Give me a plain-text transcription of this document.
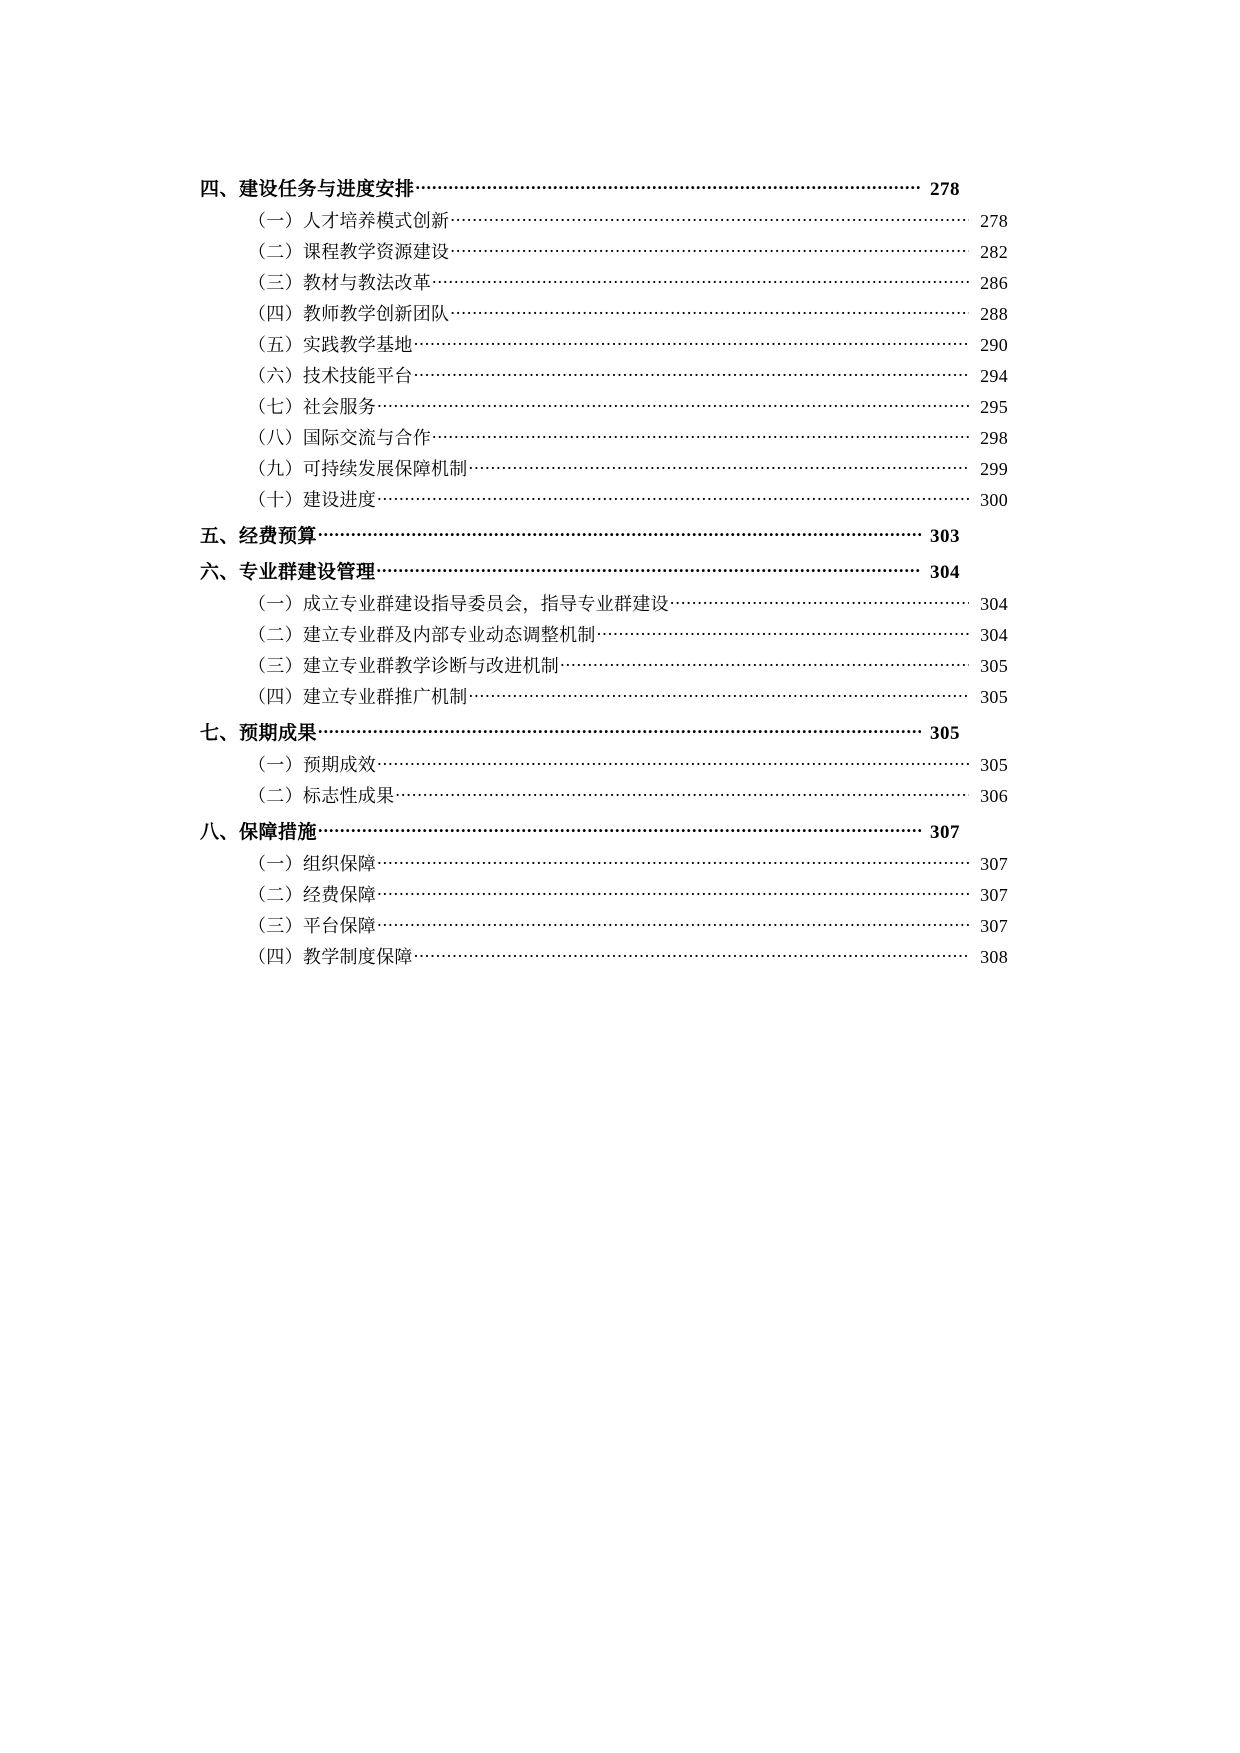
四、建设任务与进度安排 .....	278
（一）人才培养模式创新 .....	278
（二）课程教学资源建设 .....	282
（三）教材与教法改革 .....	286
（四）教师教学创新团队 .....	288
（五）实践教学基地 .....	290
（六）技术技能平台 .....	294
（七）社会服务 .....	295
（八）国际交流与合作 .....	298
（九）可持续发展保障机制 .....	299
（十）建设进度 .....	300
五、经费预算 .....	303
六、专业群建设管理 .....	304
（一）成立专业群建设指导委员会，指导专业群建设 .....	304
（二）建立专业群及内部专业动态调整机制 .....	304
（三）建立专业群教学诊断与改进机制 .....	305
（四）建立专业群推广机制 .....	305
七、预期成果 .....	305
（一）预期成效 .....	305
（二）标志性成果 .....	306
八、保障措施 .....	307
（一）组织保障 .....	307
（二）经费保障 .....	307
（三）平台保障 .....	307
（四）教学制度保障 .....	308
